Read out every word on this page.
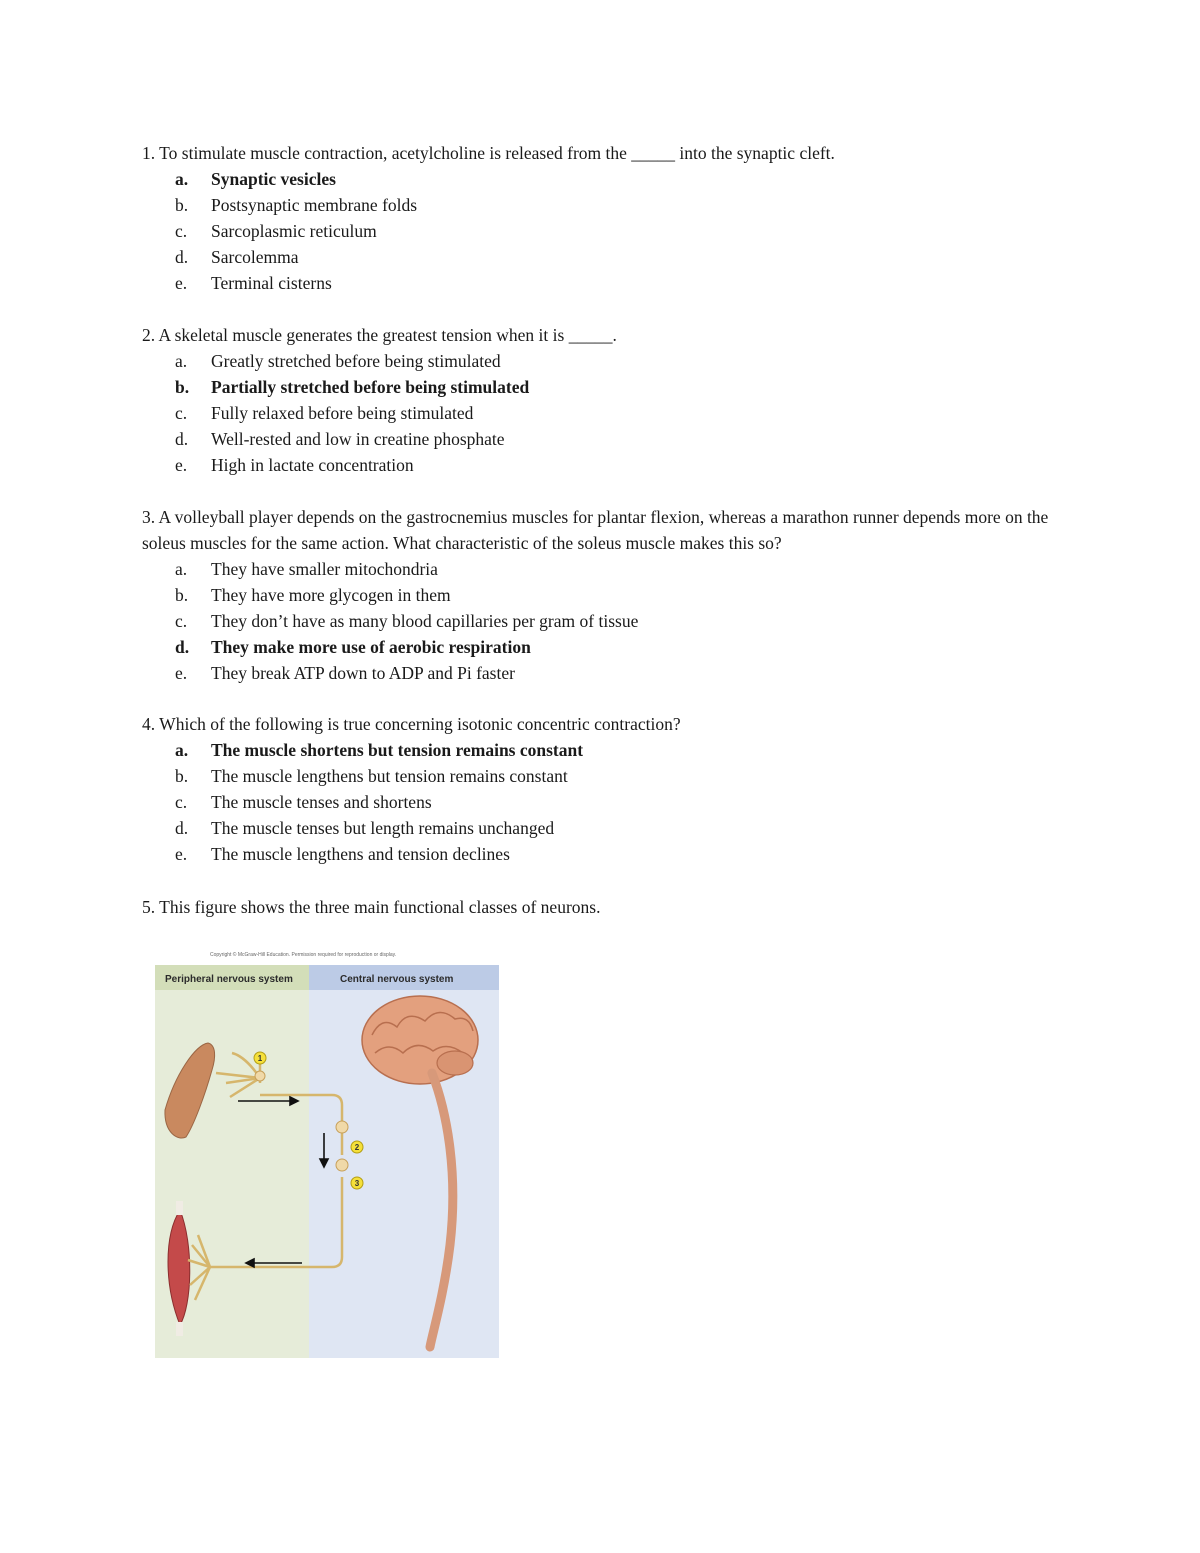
1. To stimulate muscle contraction, acetylcholine is released from the _____ into the synaptic cleft.

a.	Synaptic vesicles
b.	Postsynaptic membrane folds
c.	Sarcoplasmic reticulum
d.	Sarcolemma
e.	Terminal cisterns

2. A skeletal muscle generates the greatest tension when it is _____.

a.	Greatly stretched before being stimulated
b.	Partially stretched before being stimulated
c.	Fully relaxed before being stimulated
d.	Well-rested and low in creatine phosphate
e.	High in lactate concentration

3. A volleyball player depends on the gastrocnemius muscles for plantar flexion, whereas a marathon runner depends more on the soleus muscles for the same action. What characteristic of the soleus muscle makes this so?

a.	They have smaller mitochondria
b.	They have more glycogen in them
c.	They don’t have as many blood capillaries per gram of tissue
d.	They make more use of aerobic respiration
e.	They break ATP down to ADP and Pi faster

4. Which of the following is true concerning isotonic concentric contraction?

a.	The muscle shortens but tension remains constant
b.	The muscle lengthens but tension remains constant
c.	The muscle tenses and shortens
d.	The muscle tenses but length remains unchanged
e.	The muscle lengthens and tension declines

5. This figure shows the three main functional classes of neurons.

Copyright © McGraw-Hill Education. Permission required for reproduction or display.
Peripheral nervous system	Central nervous system
1
2
3
